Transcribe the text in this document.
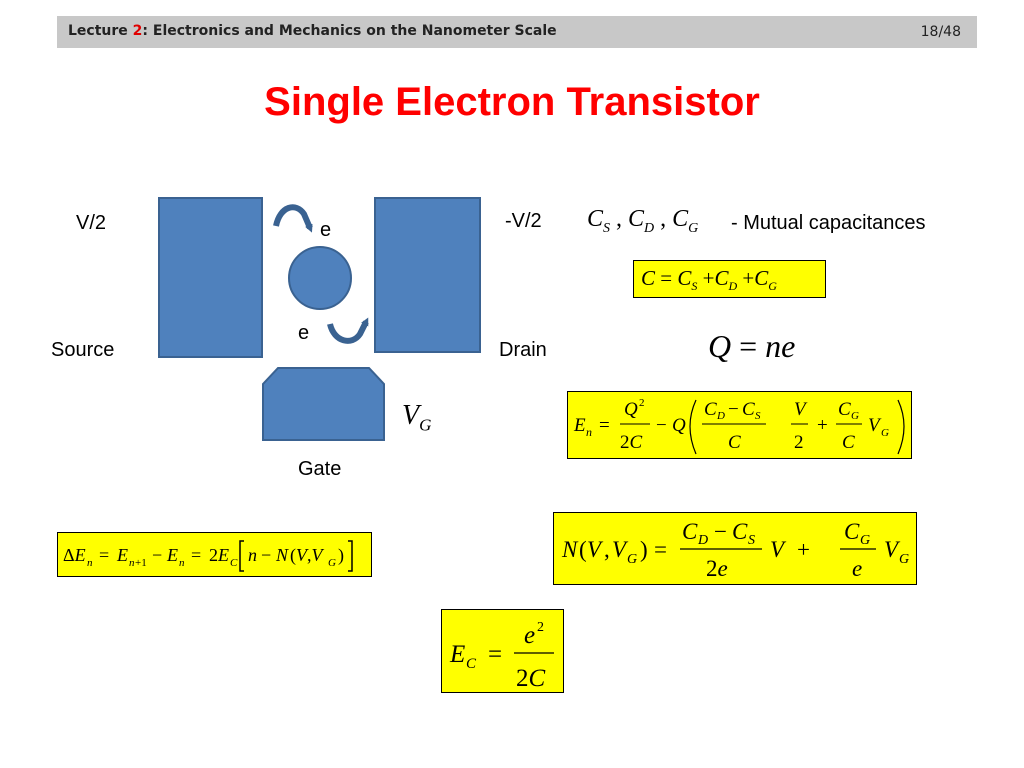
Lecture 2: Electronics and Mechanics on the Nanometer Scale	18/48
Single Electron Transistor
V/2	-V/2
Source	Drain
Gate
e
e
$V_G$
$C_S$ , $C_D$ , $C_G$ - Mutual capacitances
$C = C_S +C_D +C_G$
Q = ne
E n =
Q 2
2C
− Q
C D − C S
C
V
2
+
C G
C
V G
ΔE n = E n +1 − E n = 2E C n − N (V,V G )	N ( V , V G ) =
C D − C S
2e
V +
C G
e
V G
E C =
e 2
2C
